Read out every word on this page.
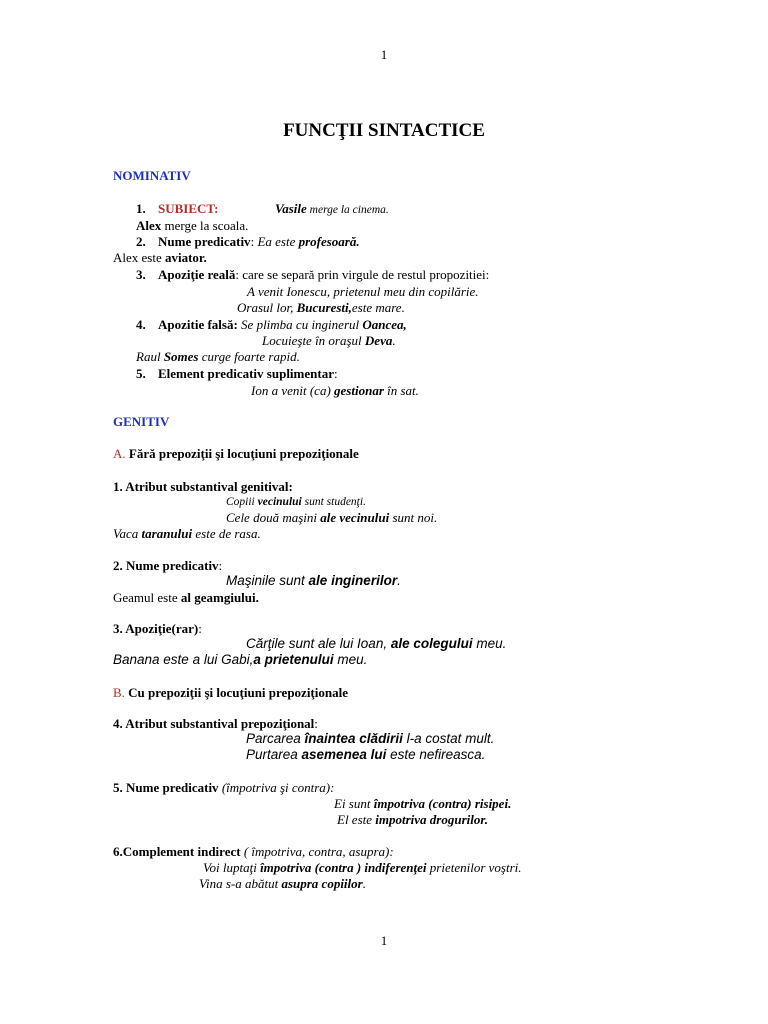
1
FUNCŢII SINTACTICE
NOMINATIV
1. SUBIECT:	Vasile merge la cinema.
Alex merge la scoala.
2. Nume predicativ: Ea este profesoară.
Alex este aviator.
3. Apoziţie reală: care se separă prin virgule de restul propozitiei:
A venit Ionescu, prietenul meu din copilărie.
Orasul lor, Bucuresti,este mare.
4. Apozitie falsă: Se plimba cu inginerul Oancea,
Locuieşte în oraşul Deva.
Raul Somes curge foarte rapid.
5. Element predicativ suplimentar:
Ion a venit (ca) gestionar în sat.
GENITIV
A. Fără prepoziţii şi locuţiuni prepoziţionale
1. Atribut substantival genitival:
Copiii vecinului sunt studenţi.
Cele două maşini ale vecinului sunt noi.
Vaca taranului este de rasa.
2. Nume predicativ:
Maşinile sunt ale inginerilor.
Geamul este al geamgiului.
3. Apoziţie(rar):
Cărţile sunt ale lui Ioan, ale colegului meu.
Banana este a lui Gabi,a prietenului meu.
B. Cu prepoziţii şi locuţiuni prepoziţionale
4. Atribut substantival prepoziţional:
Parcarea înaintea clădirii l-a costat mult.
Purtarea asemenea lui este nefireasca.
5. Nume predicativ (împotriva şi contra):
Ei sunt împotriva (contra) risipei.
El este impotriva drogurilor.
6.Complement indirect ( împotriva, contra, asupra):
Voi luptaţi împotriva (contra ) indiferenţei prietenilor voştri.
Vina s-a abătut asupra copiilor.
1
